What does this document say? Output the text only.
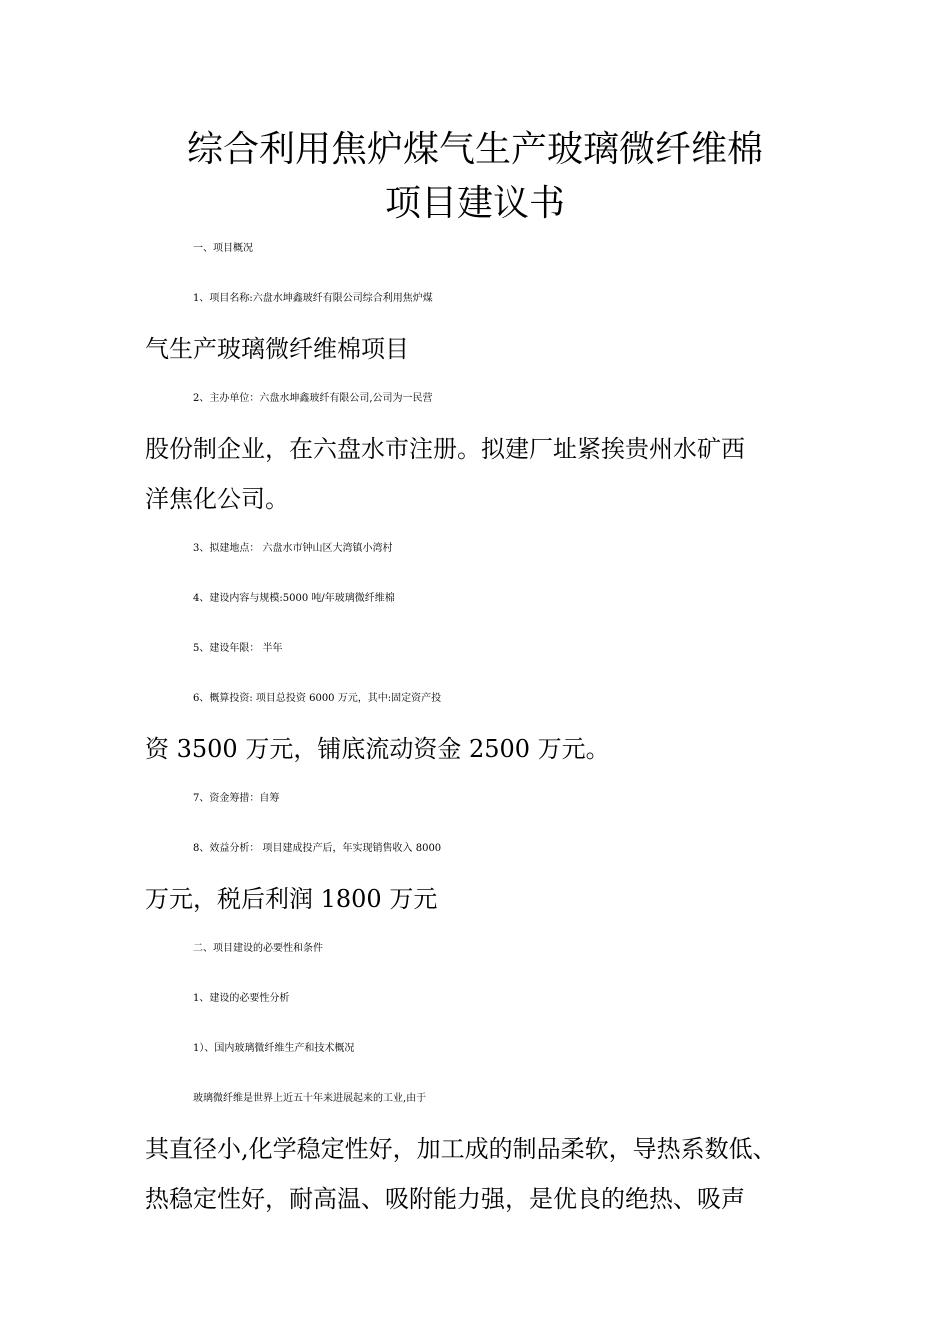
综合利用焦炉煤气生产玻璃微纤维棉
项目建议书

一、项目概况

1、项目名称:六盘水坤鑫玻纤有限公司综合利用焦炉煤
气生产玻璃微纤维棉项目

2、主办单位：六盘水坤鑫玻纤有限公司,公司为一民营
股份制企业，在六盘水市注册。拟建厂址紧挨贵州水矿西
洋焦化公司。

3、拟建地点： 六盘水市钟山区大湾镇小湾村

4、建设内容与规模:5000 吨/年玻璃微纤维棉

5、建设年限： 半年

6、概算投资: 项目总投资 6000 万元，其中:固定资产投
资 3500 万元，铺底流动资金 2500 万元。

7、资金筹措：自筹

8、效益分析： 项目建成投产后，年实现销售收入 8000
万元，税后利润 1800 万元

二、项目建设的必要性和条件

1、建设的必要性分析

1）、国内玻璃微纤维生产和技术概况

玻璃微纤维是世界上近五十年来进展起来的工业,由于
其直径小,化学稳定性好，加工成的制品柔软，导热系数低、
热稳定性好，耐高温、吸附能力强，是优良的绝热、吸声
